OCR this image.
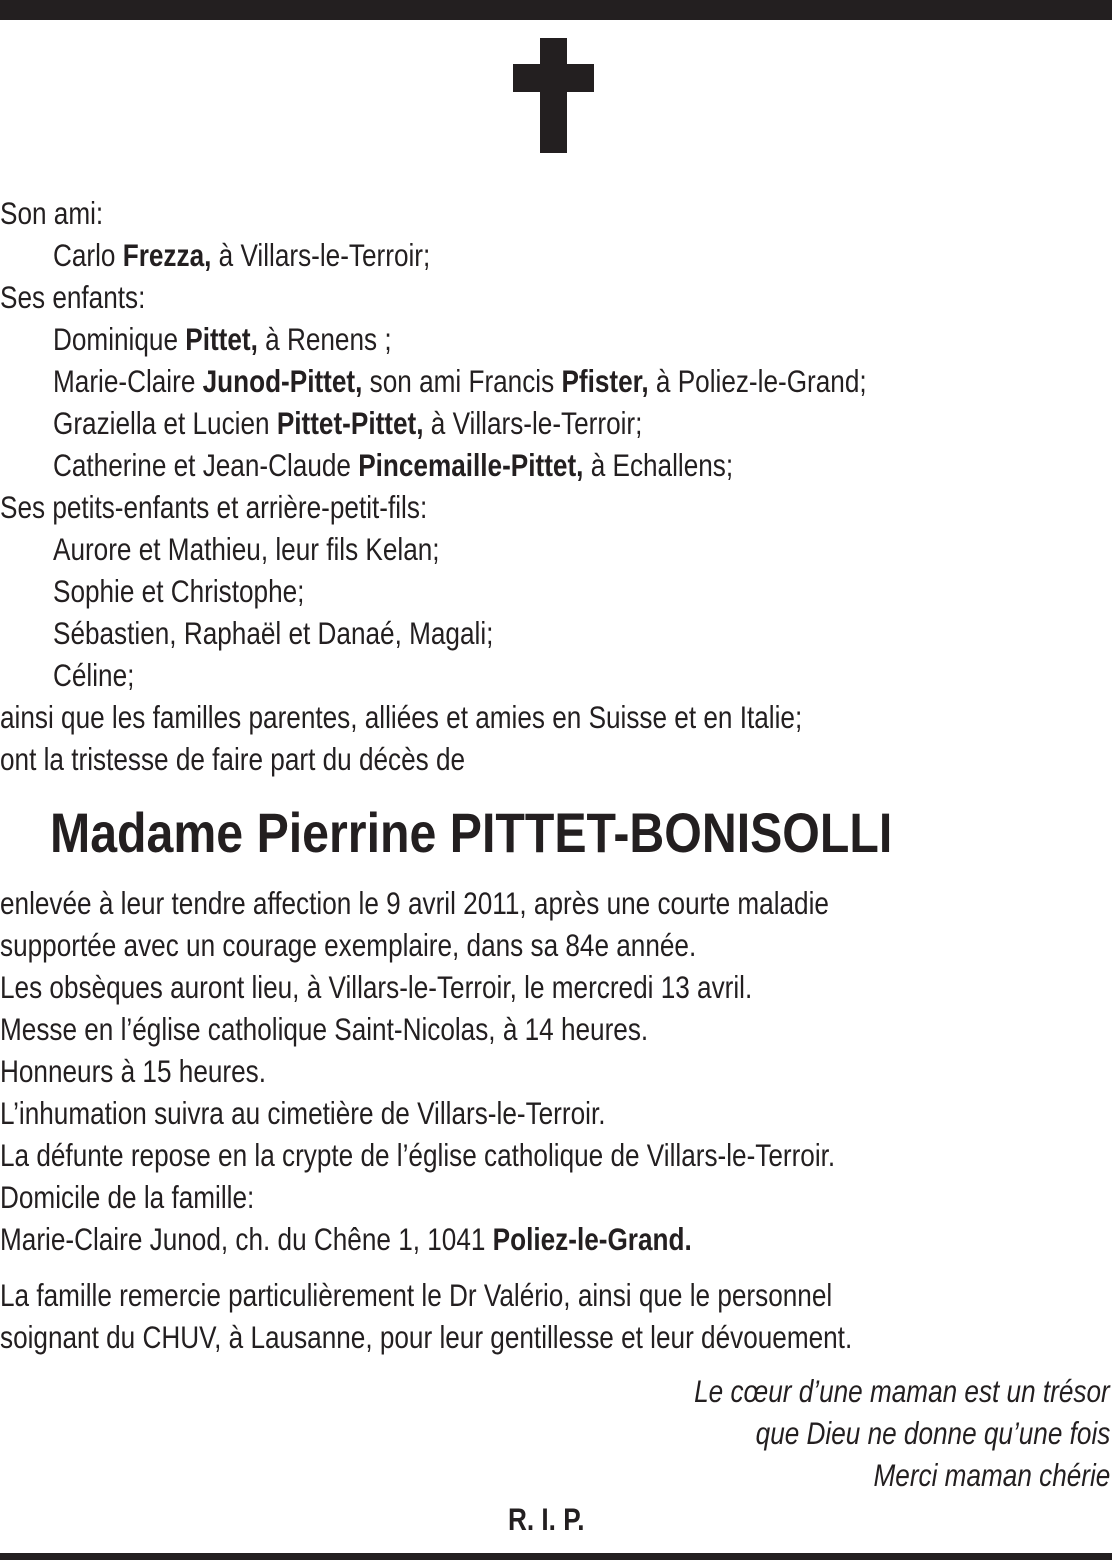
Son ami:
Carlo Frezza, à Villars-le-Terroir;
Ses enfants:
Dominique Pittet, à Renens ;
Marie-Claire Junod-Pittet, son ami Francis Pfister, à Poliez-le-Grand;
Graziella et Lucien Pittet-Pittet, à Villars-le-Terroir;
Catherine et Jean-Claude Pincemaille-Pittet, à Echallens;
Ses petits-enfants et arrière-petit-fils:
Aurore et Mathieu, leur fils Kelan;
Sophie et Christophe;
Sébastien, Raphaël et Danaé, Magali;
Céline;
ainsi que les familles parentes, alliées et amies en Suisse et en Italie;
ont la tristesse de faire part du décès de
Madame Pierrine PITTET-BONISOLLI
enlevée à leur tendre affection le 9 avril 2011, après une courte maladie
supportée avec un courage exemplaire, dans sa 84e année.
Les obsèques auront lieu, à Villars-le-Terroir, le mercredi 13 avril.
Messe en l’église catholique Saint-Nicolas, à 14 heures.
Honneurs à 15 heures.
L’inhumation suivra au cimetière de Villars-le-Terroir.
La défunte repose en la crypte de l’église catholique de Villars-le-Terroir.
Domicile de la famille:
Marie-Claire Junod, ch. du Chêne 1, 1041 Poliez-le-Grand.
La famille remercie particulièrement le Dr Valério, ainsi que le personnel
soignant du CHUV, à Lausanne, pour leur gentillesse et leur dévouement.
Le cœur d’une maman est un trésor
que Dieu ne donne qu’une fois
Merci maman chérie
R. I. P.
